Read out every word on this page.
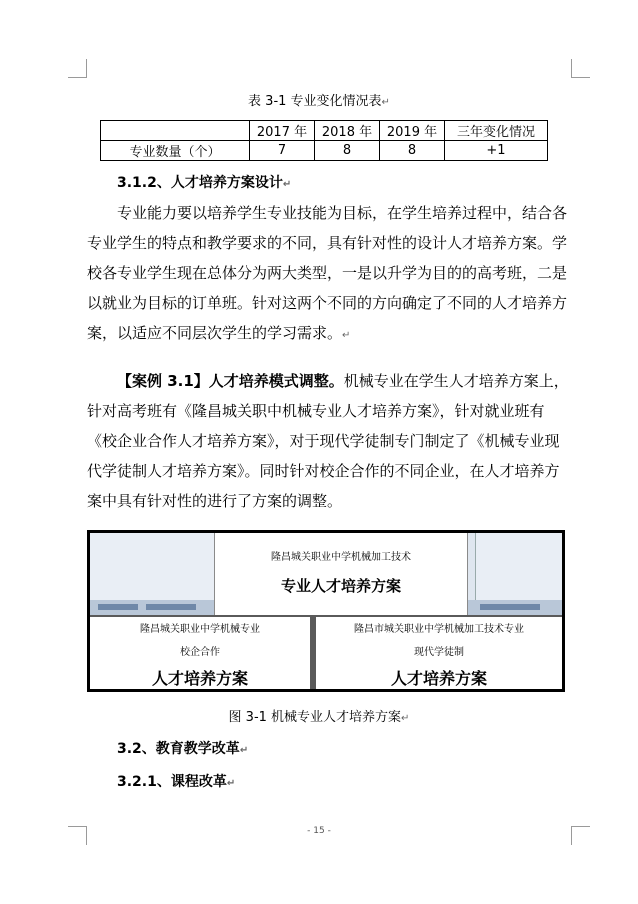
表 3-1 专业变化情况表↵
	2017 年	2018 年	2019 年	三年变化情况
专业数量（个）	7	8	8	+1
3.1.2、人才培养方案设计↵
专业能力要以培养学生专业技能为目标，在学生培养过程中，结合各专业学生的特点和教学要求的不同，具有针对性的设计人才培养方案。学校各专业学生现在总体分为两大类型，一是以升学为目的的高考班，二是以就业为目标的订单班。针对这两个不同的方向确定了不同的人才培养方案，以适应不同层次学生的学习需求。↵
【案例 3.1】人才培养模式调整。机械专业在学生人才培养方案上，针对高考班有《隆昌城关职中机械专业人才培养方案》，针对就业班有《校企业合作人才培养方案》，对于现代学徒制专门制定了《机械专业现代学徒制人才培养方案》。同时针对校企合作的不同企业，在人才培养方案中具有针对性的进行了方案的调整。
隆昌城关职业中学机械加工技术
专业人才培养方案
隆昌城关职业中学机械专业
校企合作
人才培养方案
隆昌市城关职业中学机械加工技术专业
现代学徒制
人才培养方案
图 3-1 机械专业人才培养方案↵
3.2、教育教学改革↵
3.2.1、课程改革↵
- 15 -
